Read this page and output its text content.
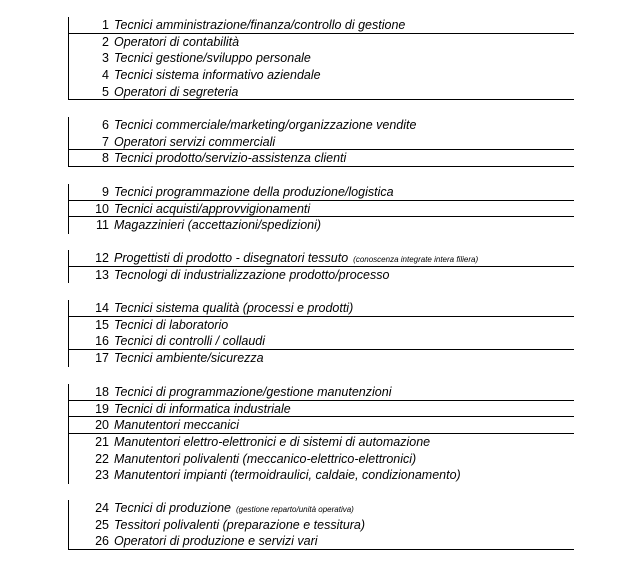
1 Tecnici amministrazione/finanza/controllo di gestione
2 Operatori di contabilità
3 Tecnici gestione/sviluppo personale
4 Tecnici sistema informativo aziendale
5 Operatori di segreteria
6 Tecnici commerciale/marketing/organizzazione vendite
7 Operatori servizi commerciali
8 Tecnici prodotto/servizio-assistenza clienti
9 Tecnici programmazione della produzione/logistica
10 Tecnici acquisti/approvvigionamenti
11 Magazzinieri (accettazioni/spedizioni)
12 Progettisti di prodotto - disegnatori tessuto (conoscenza integrate intera filiera)
13 Tecnologi di industrializzazione prodotto/processo
14 Tecnici sistema qualità (processi e prodotti)
15 Tecnici di laboratorio
16 Tecnici di controlli / collaudi
17 Tecnici ambiente/sicurezza
18 Tecnici di programmazione/gestione manutenzioni
19 Tecnici di informatica industriale
20 Manutentori meccanici
21 Manutentori elettro-elettronici e di sistemi di automazione
22 Manutentori polivalenti (meccanico-elettrico-elettronici)
23 Manutentori impianti (termoidraulici, caldaie, condizionamento)
24 Tecnici di produzione (gestione reparto/unità operativa)
25 Tessitori polivalenti (preparazione e tessitura)
26 Operatori di produzione e servizi vari
